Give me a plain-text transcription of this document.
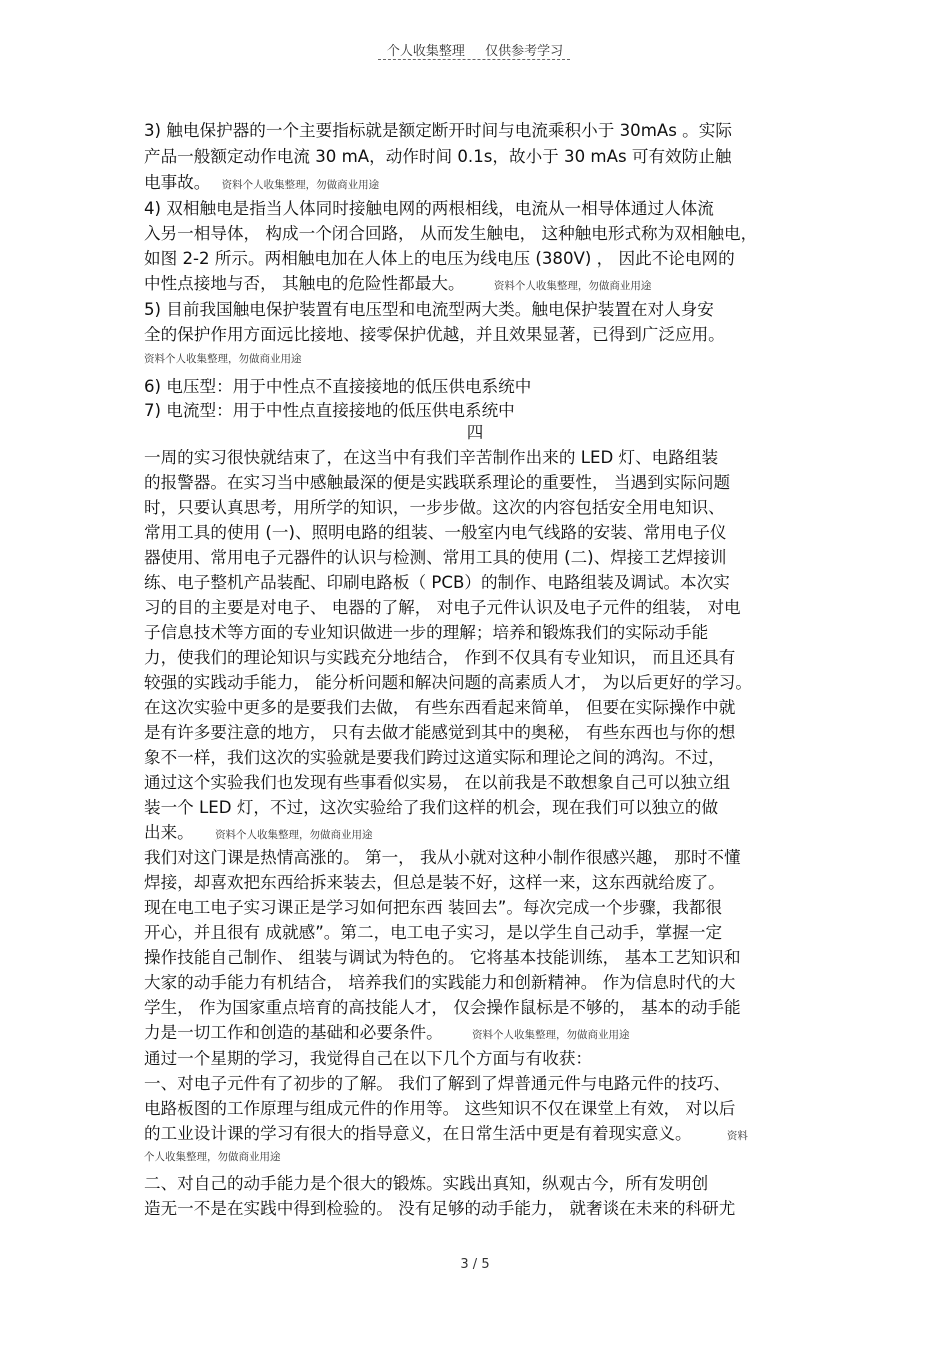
个人收集整理 仅供参考学习
3) 触电保护器的一个主要指标就是额定断开时间与电流乘积小于 30mAs 。实际
产品一般额定动作电流 30 mA，动作时间 0.1s，故小于 30 mAs 可有效防止触
电事故。 资料个人收集整理，勿做商业用途
4) 双相触电是指当人体同时接触电网的两根相线，电流从一相导体通过人体流
入另一相导体， 构成一个闭合回路， 从而发生触电， 这种触电形式称为双相触电，
如图 2-2 所示。两相触电加在人体上的电压为线电压 (380V) ， 因此不论电网的
中性点接地与否， 其触电的危险性都最大。	资料个人收集整理，勿做商业用途
5) 目前我国触电保护装置有电压型和电流型两大类。触电保护装置在对人身安
全的保护作用方面远比接地、接零保护优越，并且效果显著，已得到广泛应用。
资料个人收集整理，勿做商业用途
6) 电压型：用于中性点不直接接地的低压供电系统中
7) 电流型：用于中性点直接接地的低压供电系统中
四
一周的实习很快就结束了，在这当中有我们辛苦制作出来的 LED 灯、电路组装
的报警器。在实习当中感触最深的便是实践联系理论的重要性， 当遇到实际问题
时，只要认真思考，用所学的知识，一步步做。这次的内容包括安全用电知识、
常用工具的使用 (一)、照明电路的组装、一般室内电气线路的安装、常用电子仪
器使用、常用电子元器件的认识与检测、常用工具的使用 (二)、焊接工艺焊接训
练、电子整机产品装配、印刷电路板（ PCB）的制作、电路组装及调试。本次实
习的目的主要是对电子、 电器的了解， 对电子元件认识及电子元件的组装， 对电
子信息技术等方面的专业知识做进一步的理解；培养和锻炼我们的实际动手能
力，使我们的理论知识与实践充分地结合， 作到不仅具有专业知识， 而且还具有
较强的实践动手能力， 能分析问题和解决问题的高素质人才， 为以后更好的学习。
在这次实验中更多的是要我们去做， 有些东西看起来简单， 但要在实际操作中就
是有许多要注意的地方， 只有去做才能感觉到其中的奥秘， 有些东西也与你的想
象不一样，我们这次的实验就是要我们跨过这道实际和理论之间的鸿沟。不过，
通过这个实验我们也发现有些事看似实易， 在以前我是不敢想象自己可以独立组
装一个 LED 灯，不过，这次实验给了我们这样的机会，现在我们可以独立的做
出来。 资料个人收集整理，勿做商业用途
我们对这门课是热情高涨的。 第一， 我从小就对这种小制作很感兴趣， 那时不懂
焊接，却喜欢把东西给拆来装去，但总是装不好，这样一来，这东西就给废了。
现在电工电子实习课正是学习如何把东西 装回去”。每次完成一个步骤，我都很
开心，并且很有 成就感”。第二，电工电子实习，是以学生自己动手，掌握一定
操作技能自己制作、 组装与调试为特色的。 它将基本技能训练， 基本工艺知识和
大家的动手能力有机结合， 培养我们的实践能力和创新精神。 作为信息时代的大
学生， 作为国家重点培育的高技能人才， 仅会操作鼠标是不够的， 基本的动手能
力是一切工作和创造的基础和必要条件。	资料个人收集整理，勿做商业用途
通过一个星期的学习，我觉得自己在以下几个方面与有收获：
一、对电子元件有了初步的了解。 我们了解到了焊普通元件与电路元件的技巧、
电路板图的工作原理与组成元件的作用等。 这些知识不仅在课堂上有效， 对以后
的工业设计课的学习有很大的指导意义，在日常生活中更是有着现实意义。	资料
个人收集整理，勿做商业用途
二、对自己的动手能力是个很大的锻炼。实践出真知，纵观古今，所有发明创
造无一不是在实践中得到检验的。 没有足够的动手能力， 就奢谈在未来的科研尤
3 / 5
